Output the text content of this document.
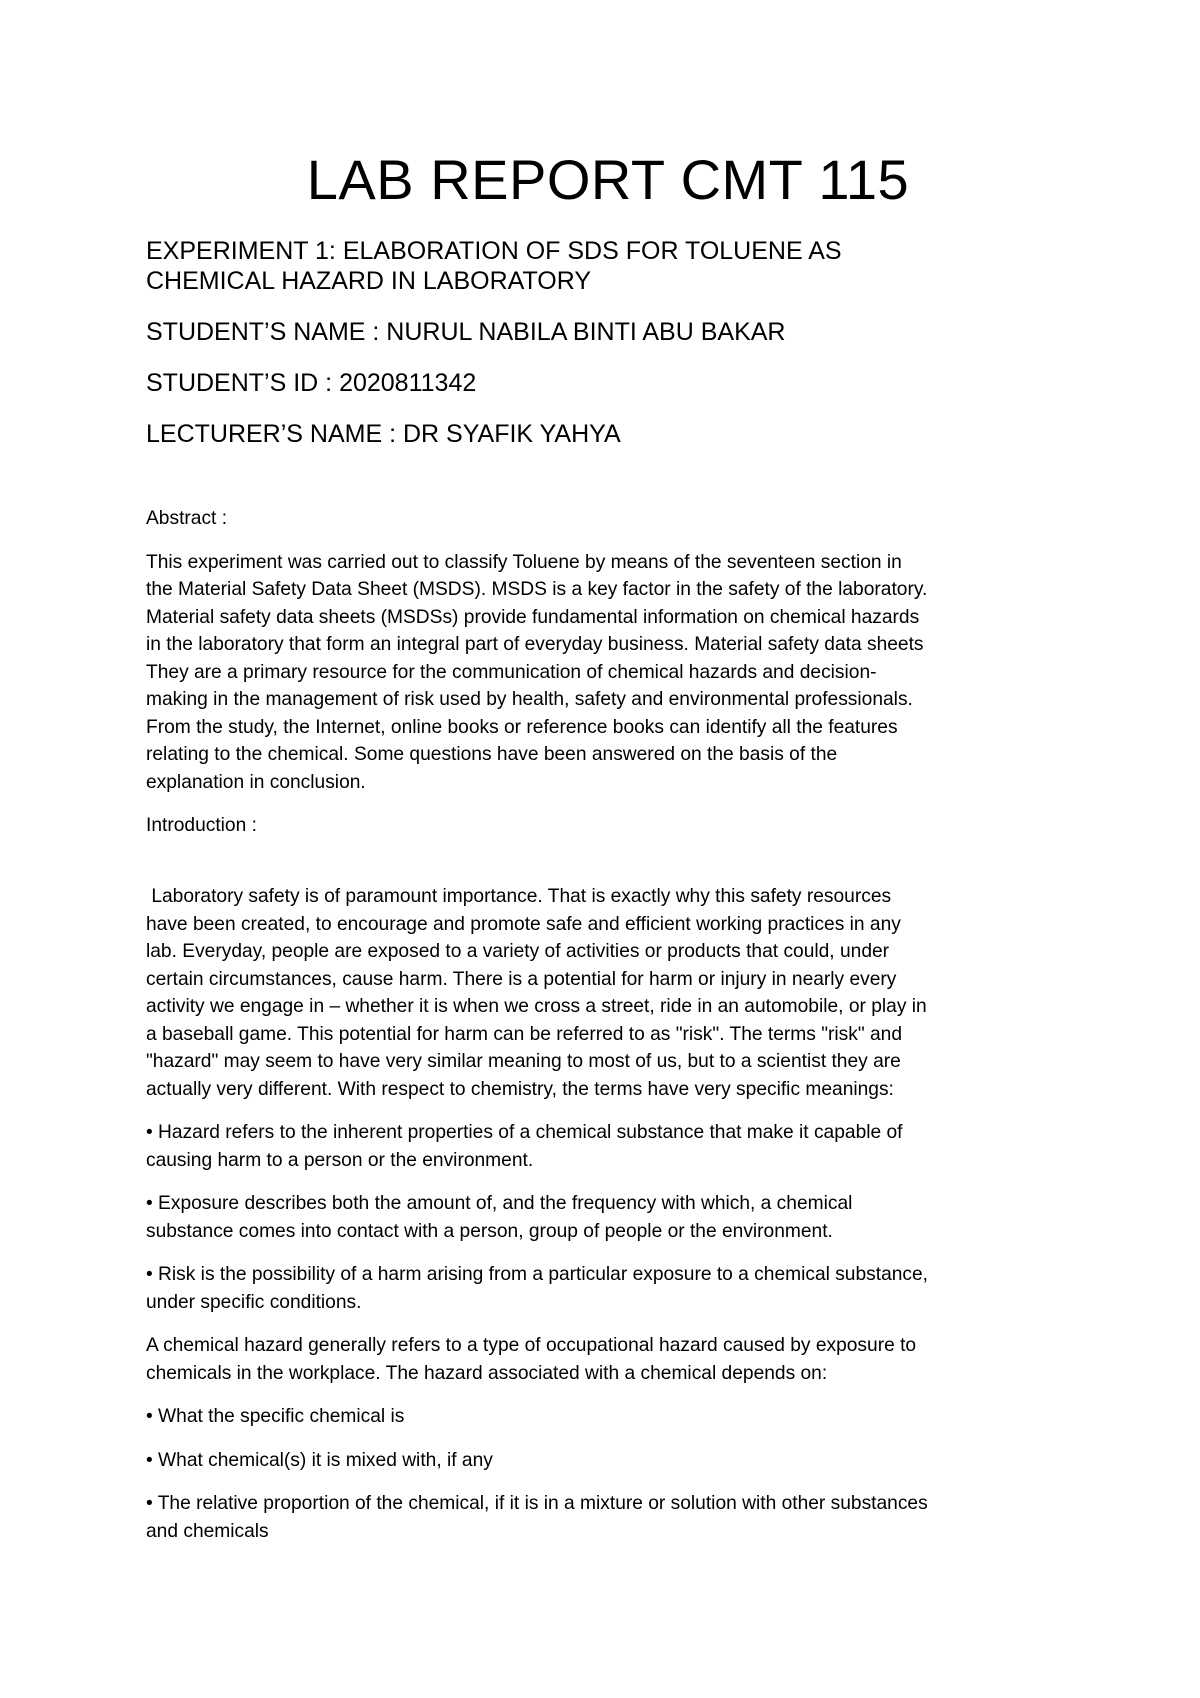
LAB REPORT CMT 115

EXPERIMENT 1: ELABORATION OF SDS FOR TOLUENE AS
CHEMICAL HAZARD IN LABORATORY

STUDENT’S NAME : NURUL NABILA BINTI ABU BAKAR

STUDENT’S ID : 2020811342

LECTURER’S NAME : DR SYAFIK YAHYA

Abstract :

This experiment was carried out to classify Toluene by means of the seventeen section in
the Material Safety Data Sheet (MSDS). MSDS is a key factor in the safety of the laboratory.
Material safety data sheets (MSDSs) provide fundamental information on chemical hazards
in the laboratory that form an integral part of everyday business. Material safety data sheets
They are a primary resource for the communication of chemical hazards and decision-
making in the management of risk used by health, safety and environmental professionals.
From the study, the Internet, online books or reference books can identify all the features
relating to the chemical. Some questions have been answered on the basis of the
explanation in conclusion.

Introduction :

Laboratory safety is of paramount importance. That is exactly why this safety resources
have been created, to encourage and promote safe and efficient working practices in any
lab. Everyday, people are exposed to a variety of activities or products that could, under
certain circumstances, cause harm. There is a potential for harm or injury in nearly every
activity we engage in – whether it is when we cross a street, ride in an automobile, or play in
a baseball game. This potential for harm can be referred to as "risk". The terms "risk" and
"hazard" may seem to have very similar meaning to most of us, but to a scientist they are
actually very different. With respect to chemistry, the terms have very specific meanings:

• Hazard refers to the inherent properties of a chemical substance that make it capable of
causing harm to a person or the environment.

• Exposure describes both the amount of, and the frequency with which, a chemical
substance comes into contact with a person, group of people or the environment.

• Risk is the possibility of a harm arising from a particular exposure to a chemical substance,
under specific conditions.

A chemical hazard generally refers to a type of occupational hazard caused by exposure to
chemicals in the workplace. The hazard associated with a chemical depends on:

• What the specific chemical is

• What chemical(s) it is mixed with, if any

• The relative proportion of the chemical, if it is in a mixture or solution with other substances
and chemicals
